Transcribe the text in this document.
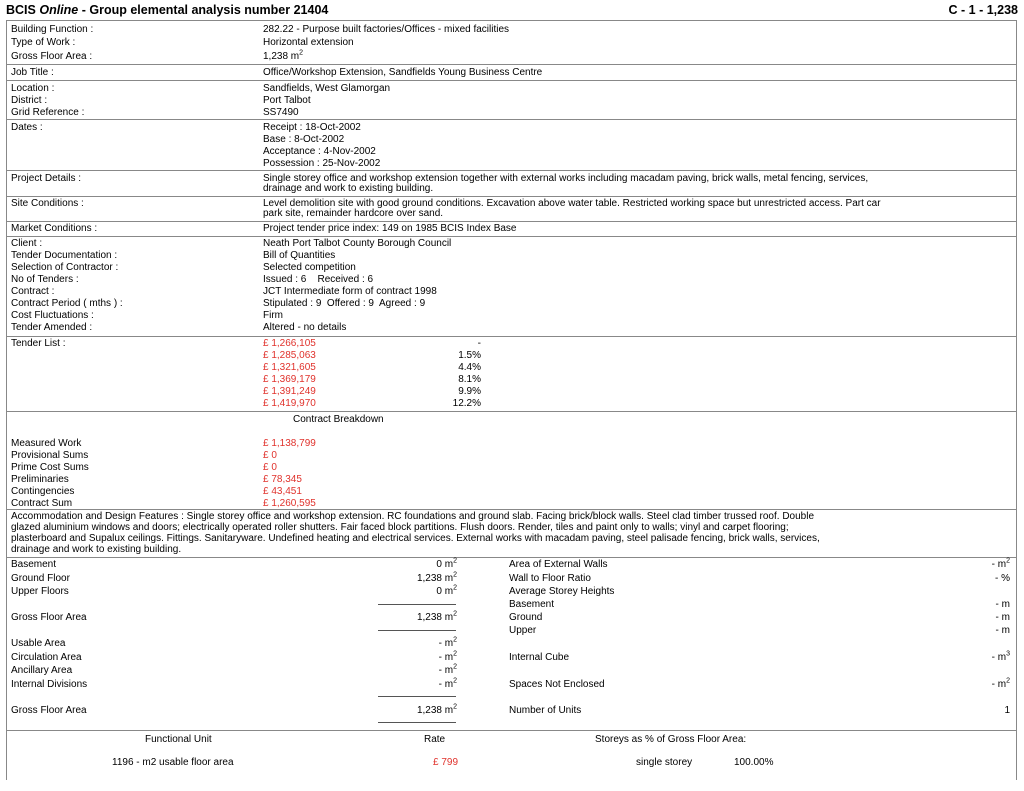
BCIS Online - Group elemental analysis number 21404	C - 1 - 1,238
Building Function :	282.22 - Purpose built factories/Offices - mixed facilities
Type of Work :	Horizontal extension
Gross Floor Area :	1,238 $m^2$
Job Title :	Office/Workshop Extension, Sandfields Young Business Centre
Location :	Sandfields, West Glamorgan
District :	Port Talbot
Grid Reference :	SS7490
Dates :	Receipt : 18-Oct-2002
Base : 8-Oct-2002
Acceptance : 4-Nov-2002
Possession : 25-Nov-2002
Project Details :	Single storey office and workshop extension together with external works including macadam paving, brick walls, metal fencing, services,
drainage and work to existing building.
Site Conditions :	Level demolition site with good ground conditions. Excavation above water table. Restricted working space but unrestricted access. Part car
park site, remainder hardcore over sand.
Market Conditions :	Project tender price index: 149 on 1985 BCIS Index Base
Client :	Neath Port Talbot County Borough Council
Tender Documentation :	Bill of Quantities
Selection of Contractor :	Selected competition
No of Tenders :	Issued : 6    Received : 6
Contract :	JCT Intermediate form of contract 1998
Contract Period ( mths ) :	Stipulated : 9  Offered : 9  Agreed : 9
Cost Fluctuations :	Firm
Tender Amended :	Altered - no details
Tender List :	£ 1,266,105	-
£ 1,285,063	1.5%
£ 1,321,605	4.4%
£ 1,369,179	8.1%
£ 1,391,249	9.9%
£ 1,419,970	12.2%
Contract Breakdown
Measured Work	£ 1,138,799
Provisional Sums	£ 0
Prime Cost Sums	£ 0
Preliminaries	£ 78,345
Contingencies	£ 43,451
Contract Sum	£ 1,260,595
Accommodation and Design Features : Single storey office and workshop extension. RC foundations and ground slab. Facing brick/block walls. Steel clad timber trussed roof. Double
glazed aluminium windows and doors; electrically operated roller shutters. Fair faced block partitions. Flush doors. Render, tiles and paint only to walls; vinyl and carpet flooring;
plasterboard and Supalux ceilings. Fittings. Sanitaryware. Undefined heating and electrical services. External works with macadam paving, steel palisade fencing, brick walls, services,
drainage and work to existing building.
Basement	0 $m^2$
Ground Floor	1,238 $m^2$
Upper Floors	0 $m^2$
Gross Floor Area	1,238 $m^2$
Usable Area	- $m^2$
Circulation Area	- $m^2$
Ancillary Area	- $m^2$
Internal Divisions	- $m^2$
Gross Floor Area	1,238 $m^2$
Area of External Walls	- $m^2$
Wall to Floor Ratio	- %
Average Storey Heights
Basement	- m
Ground	- m
Upper	- m
Internal Cube	- $m^3$
Spaces Not Enclosed	- $m^2$
Number of Units	1
Functional Unit	Rate	Storeys as % of Gross Floor Area:
1196 - m2 usable floor area	£ 799	single storey	100.00%
